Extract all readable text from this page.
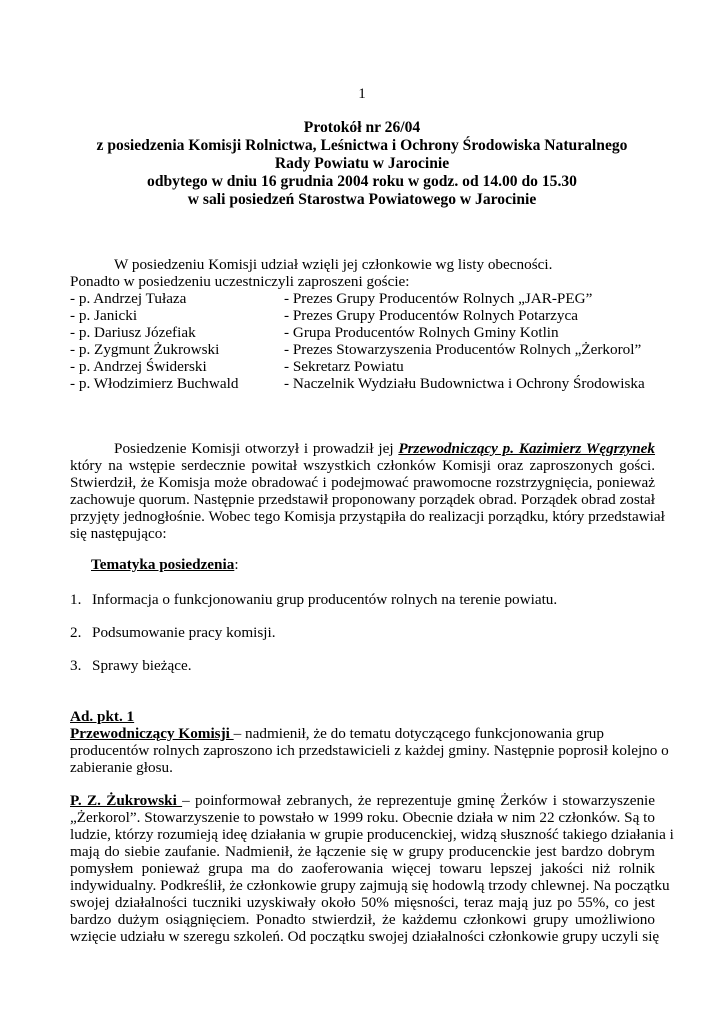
1
Protokół nr 26/04
z posiedzenia Komisji Rolnictwa, Leśnictwa i Ochrony Środowiska Naturalnego
Rady Powiatu w Jarocinie
odbytego w dniu 16 grudnia 2004 roku w godz. od 14.00 do 15.30
w sali posiedzeń Starostwa Powiatowego w Jarocinie
W posiedzeniu Komisji udział wzięli jej członkowie wg listy obecności.
Ponadto w posiedzeniu uczestniczyli zaproszeni goście:
- p. Andrzej Tułaza	- Prezes Grupy Producentów Rolnych „JAR-PEG”
- p. Janicki	- Prezes Grupy Producentów Rolnych Potarzyca
- p. Dariusz Józefiak	- Grupa Producentów Rolnych Gminy Kotlin
- p. Zygmunt Żukrowski	- Prezes Stowarzyszenia Producentów Rolnych „Żerkorol”
- p. Andrzej Świderski	- Sekretarz Powiatu
- p. Włodzimierz Buchwald	- Naczelnik Wydziału Budownictwa i Ochrony Środowiska
Posiedzenie Komisji otworzył i prowadził jej Przewodniczący p. Kazimierz Węgrzynek
który na wstępie serdecznie powitał wszystkich członków Komisji oraz zaproszonych gości.
Stwierdził, że Komisja może obradować i podejmować prawomocne rozstrzygnięcia, ponieważ
zachowuje quorum. Następnie przedstawił proponowany porządek obrad. Porządek obrad został
przyjęty jednogłośnie. Wobec tego Komisja przystąpiła do realizacji porządku, który przedstawiał
się następująco:
Tematyka posiedzenia:
1. Informacja o funkcjonowaniu grup producentów rolnych na terenie powiatu.
2. Podsumowanie pracy komisji.
3. Sprawy bieżące.
Ad. pkt. 1
Przewodniczący Komisji – nadmienił, że do tematu dotyczącego funkcjonowania grup
producentów rolnych zaproszono ich przedstawicieli z każdej gminy. Następnie poprosił kolejno o
zabieranie głosu.
P. Z. Żukrowski – poinformował zebranych, że reprezentuje gminę Żerków i stowarzyszenie
„Żerkorol”. Stowarzyszenie to powstało w 1999 roku. Obecnie działa w nim 22 członków. Są to
ludzie, którzy rozumieją ideę działania w grupie producenckiej, widzą słuszność takiego działania i
mają do siebie zaufanie. Nadmienił, że łączenie się w grupy producenckie jest bardzo dobrym
pomysłem ponieważ grupa ma do zaoferowania więcej towaru lepszej jakości niż rolnik
indywidualny. Podkreślił, że członkowie grupy zajmują się hodowlą trzody chlewnej. Na początku
swojej działalności tuczniki uzyskiwały około 50% mięsności, teraz mają juz po 55%, co jest
bardzo dużym osiągnięciem. Ponadto stwierdził, że każdemu członkowi grupy umożliwiono
wzięcie udziału w szeregu szkoleń. Od początku swojej działalności członkowie grupy uczyli się
